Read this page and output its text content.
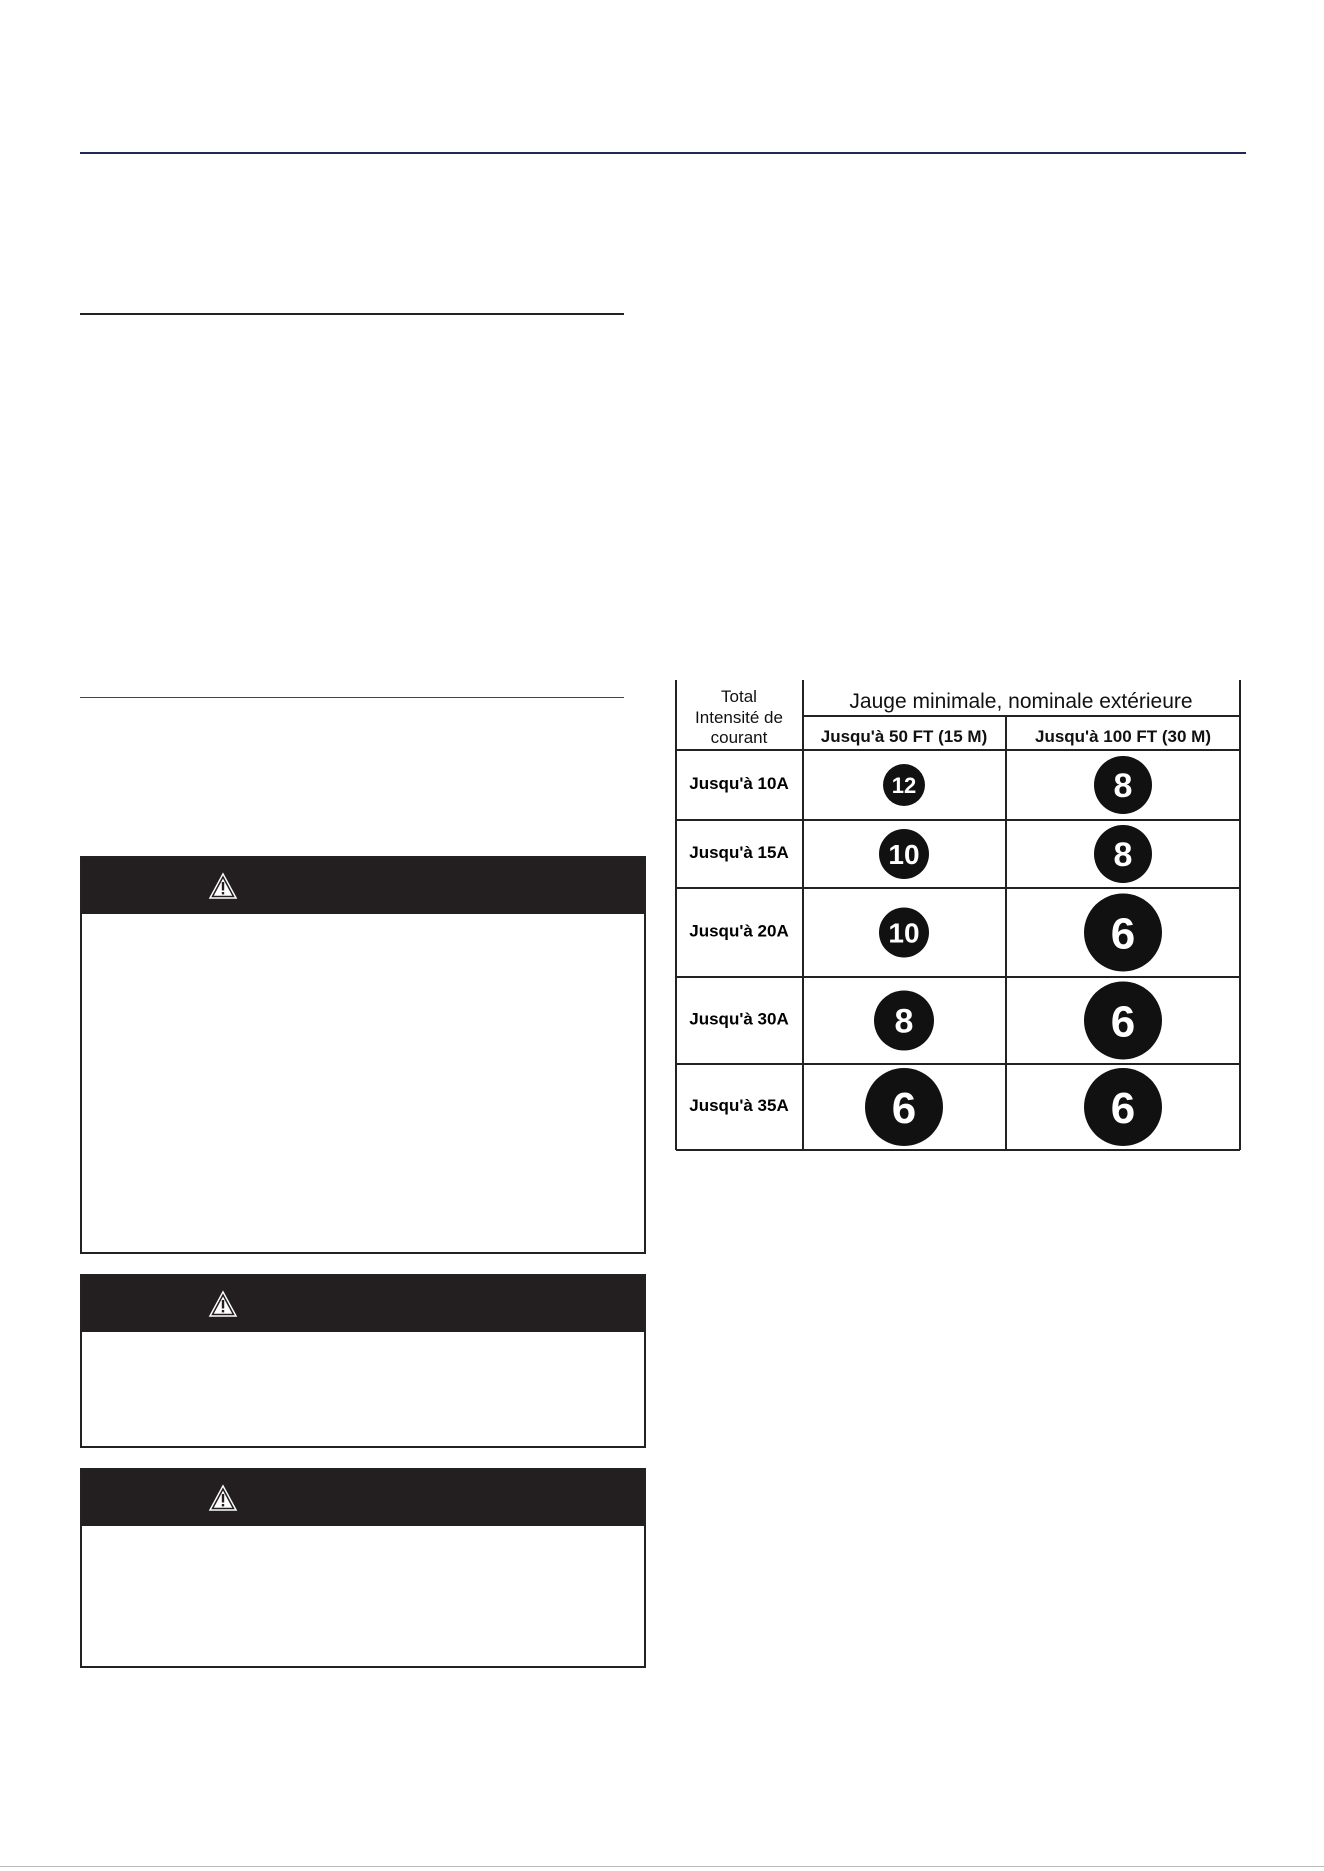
Total
Intensité de
courant
Jauge minimale, nominale extérieure
Jusqu'à 50 FT (15 M)	Jusqu'à 100 FT (30 M)
Jusqu'à 10A	12	8
Jusqu'à 15A	10	8
Jusqu'à 20A	10	6
Jusqu'à 30A	8	6
Jusqu'à 35A 6	6
